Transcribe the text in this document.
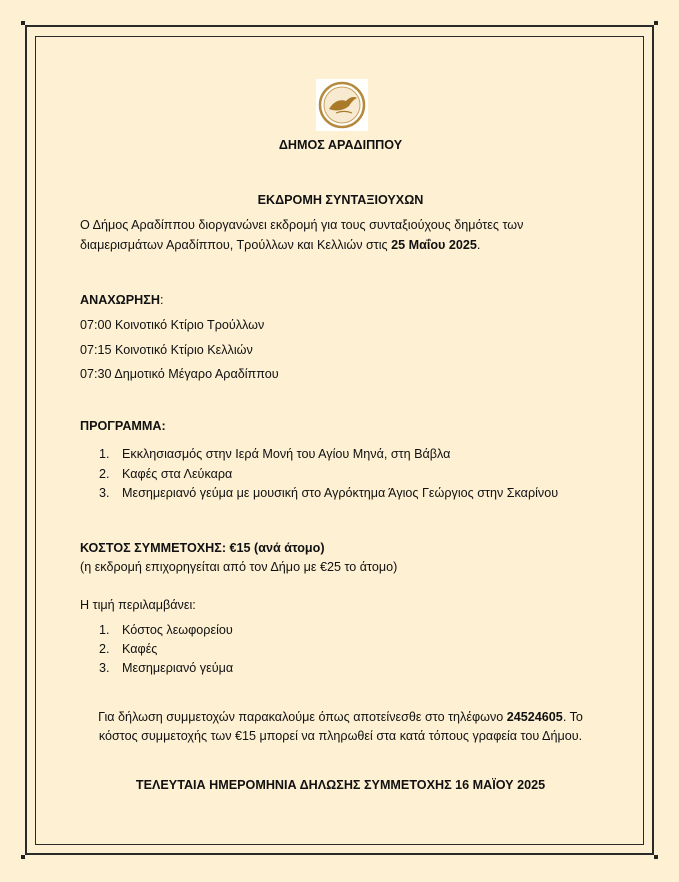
ΔΗΜΟΣ ΑΡΑΔΙΠΠΟΥ
ΕΚΔΡΟΜΗ ΣΥΝΤΑΞΙΟΥΧΩΝ
Ο Δήμος Αραδίππου διοργανώνει εκδρομή για τους συνταξιούχους δημότες των
διαμερισμάτων Αραδίππου, Τρούλλων και Κελλιών στις 25 Μαΐου 2025.
ΑΝΑΧΩΡΗΣΗ:
07:00 Κοινοτικό Κτίριο Τρούλλων
07:15 Κοινοτικό Κτίριο Κελλιών
07:30 Δημοτικό Μέγαρο Αραδίππου
ΠΡΟΓΡΑΜΜΑ:
1. Εκκλησιασμός στην Ιερά Μονή του Αγίου Μηνά, στη Βάβλα
2. Καφές στα Λεύκαρα
3. Μεσημεριανό γεύμα με μουσική στο Αγρόκτημα Άγιος Γεώργιος στην Σκαρίνου
ΚΟΣΤΟΣ ΣΥΜΜΕΤΟΧΗΣ: €15 (ανά άτομο)
(η εκδρομή επιχορηγείται από τον Δήμο με €25 το άτομο)
Η τιμή περιλαμβάνει:
1. Κόστος λεωφορείου
2. Καφές
3. Μεσημεριανό γεύμα
Για δήλωση συμμετοχών παρακαλούμε όπως αποτείνεσθε στο τηλέφωνο 24524605. Το
κόστος συμμετοχής των €15 μπορεί να πληρωθεί στα κατά τόπους γραφεία του Δήμου.
ΤΕΛΕΥΤΑΙΑ ΗΜΕΡΟΜΗΝΙΑ ΔΗΛΩΣΗΣ ΣΥΜΜΕΤΟΧΗΣ 16 ΜΑΪΟΥ 2025
